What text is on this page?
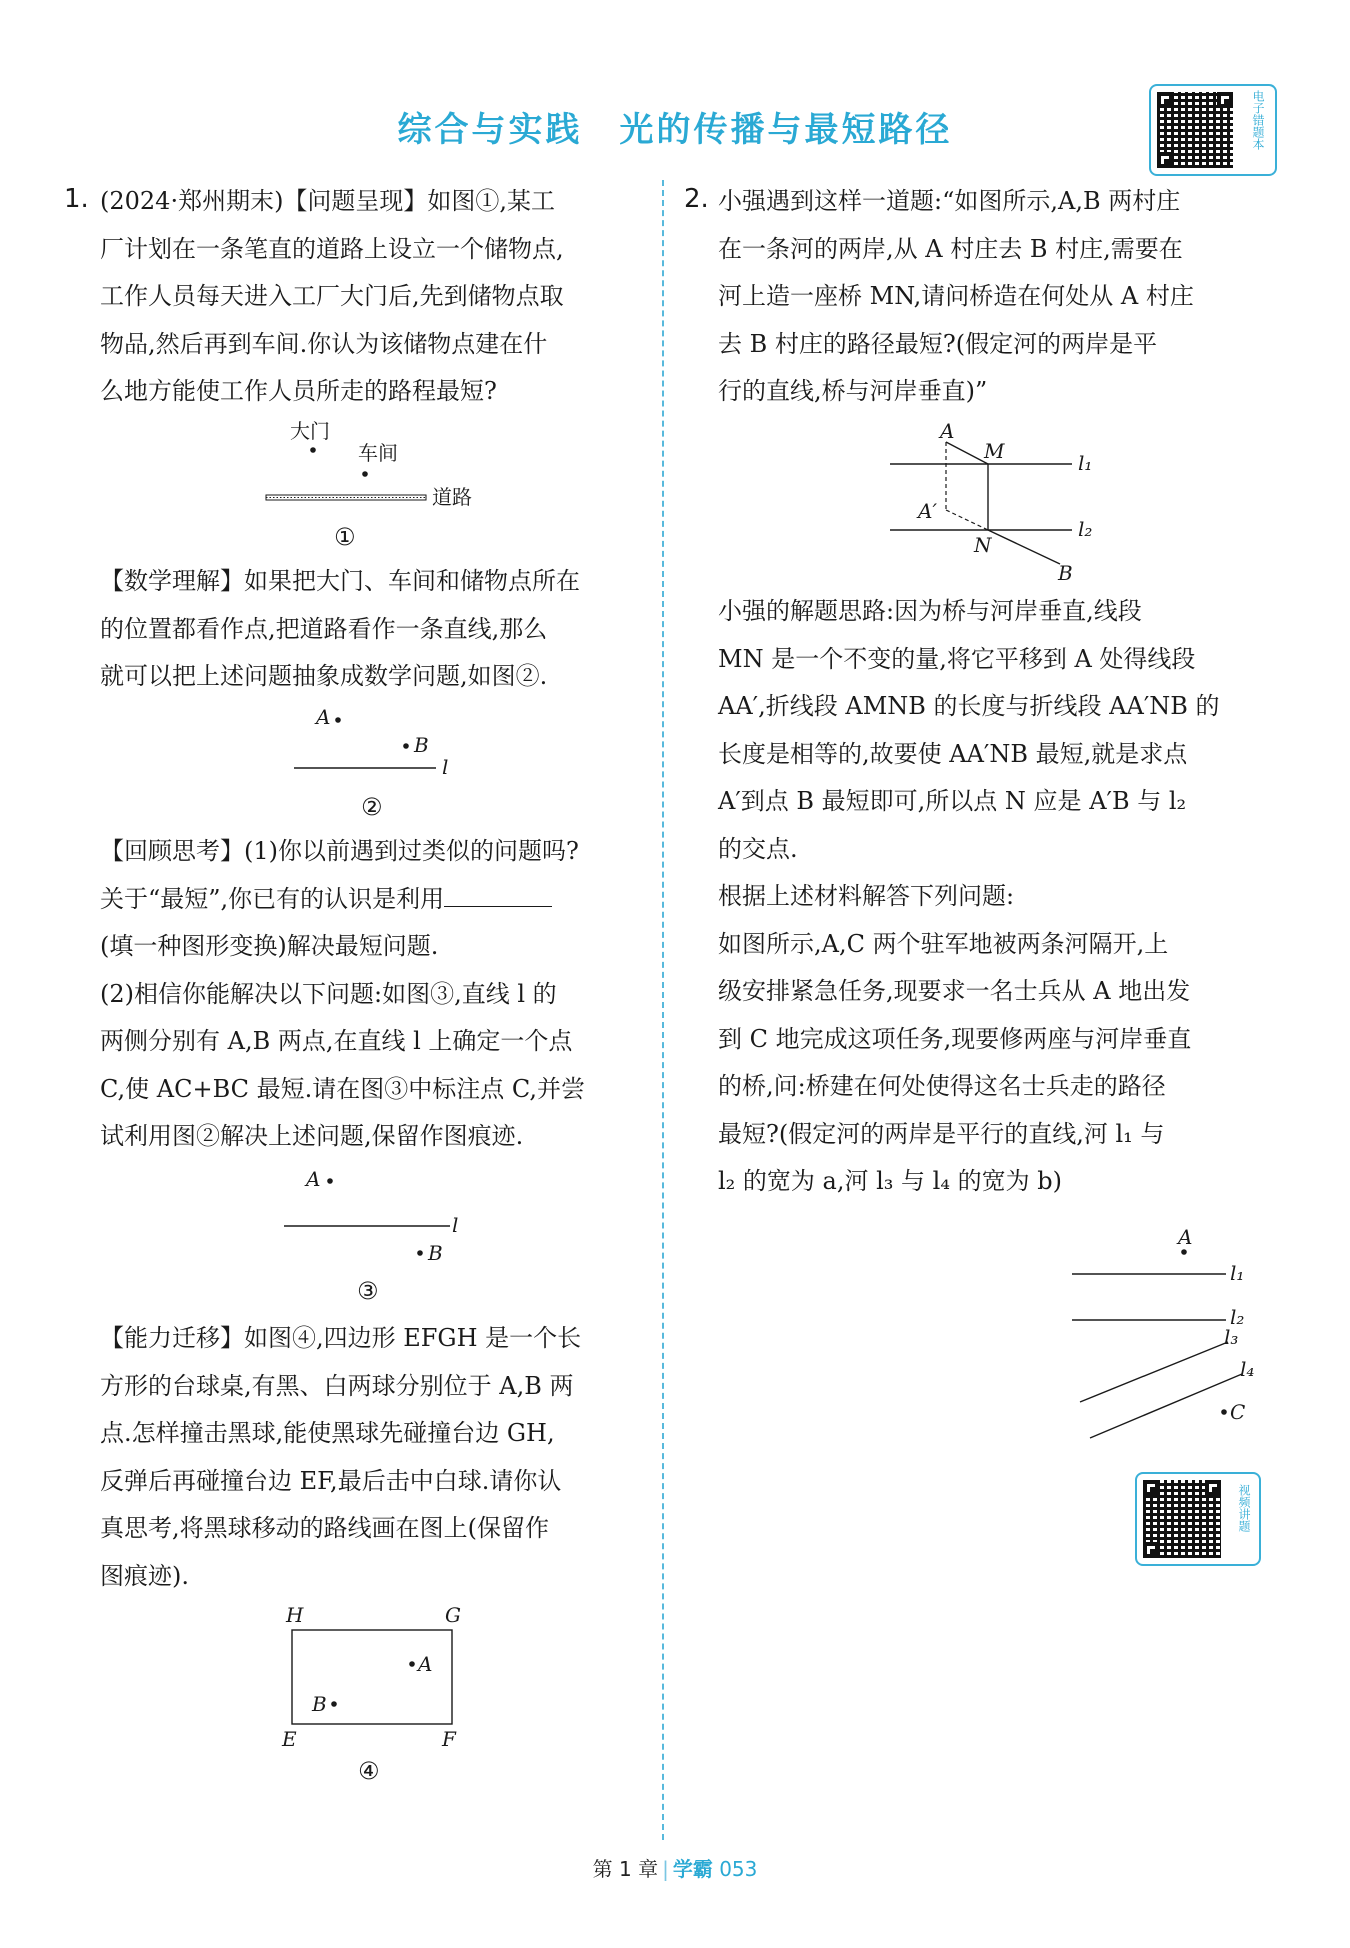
综合与实践　光的传播与最短路径	电子错题本
1. (2024·郑州期末)【问题呈现】如图①,某工
厂计划在一条笔直的道路上设立一个储物点,
工作人员每天进入工厂大门后,先到储物点取
物品,然后再到车间.你认为该储物点建在什
么地方能使工作人员所走的路程最短?
大门
车间
道路
①
【数学理解】如果把大门、车间和储物点所在
的位置都看作点,把道路看作一条直线,那么
就可以把上述问题抽象成数学问题,如图②.
A
B
l
②
【回顾思考】(1)你以前遇到过类似的问题吗?
关于“最短”,你已有的认识是利用
(填一种图形变换)解决最短问题.
(2)相信你能解决以下问题:如图③,直线 l 的
两侧分别有 A,B 两点,在直线 l 上确定一个点
C,使 AC+BC 最短.请在图③中标注点 C,并尝
试利用图②解决上述问题,保留作图痕迹.
A
l
B
③
【能力迁移】如图④,四边形 EFGH 是一个长
方形的台球桌,有黑、白两球分别位于 A,B 两
点.怎样撞击黑球,能使黑球先碰撞台边 GH,
反弹后再碰撞台边 EF,最后击中白球.请你认
真思考,将黑球移动的路线画在图上(保留作
图痕迹).
H	G
A
B
E	F
④
2. 小强遇到这样一道题:“如图所示,A,B 两村庄
在一条河的两岸,从 A 村庄去 B 村庄,需要在
河上造一座桥 MN,请问桥造在何处从 A 村庄
去 B 村庄的路径最短?(假定河的两岸是平
行的直线,桥与河岸垂直)”
l₁
l₂
A
M
A′
N
B
小强的解题思路:因为桥与河岸垂直,线段
MN 是一个不变的量,将它平移到 A 处得线段
AA′,折线段 AMNB 的长度与折线段 AA′NB 的
长度是相等的,故要使 AA′NB 最短,就是求点
A′到点 B 最短即可,所以点 N 应是 A′B 与 l₂
的交点.
根据上述材料解答下列问题:
如图所示,A,C 两个驻军地被两条河隔开,上
级安排紧急任务,现要求一名士兵从 A 地出发
到 C 地完成这项任务,现要修两座与河岸垂直
的桥,问:桥建在何处使得这名士兵走的路径
最短?(假定河的两岸是平行的直线,河 l₁ 与
l₂ 的宽为 a,河 l₃ 与 l₄ 的宽为 b)
A
l₁
l₂
l₃
l₄
C
视频讲题
第 1 章 | 学霸 053
